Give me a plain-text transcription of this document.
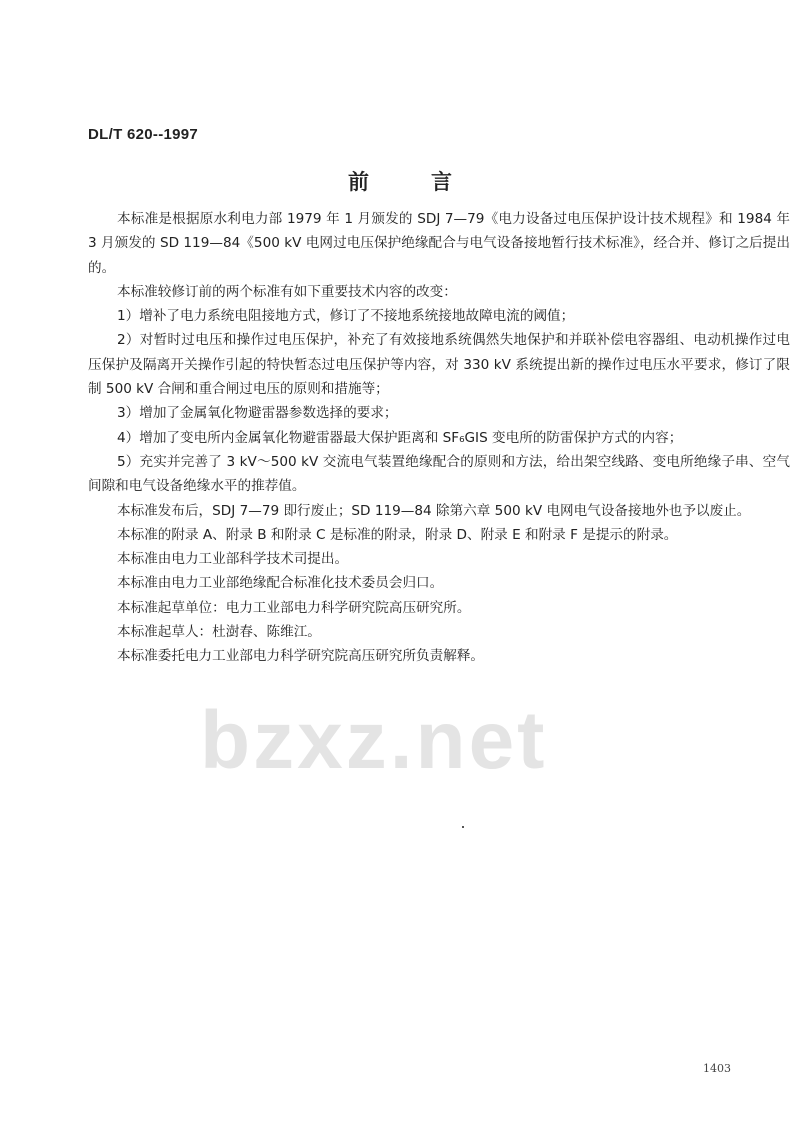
DL/T 620--1997
bzxz.net
前言

本标准是根据原水利电力部 1979 年 1 月颁发的 SDJ 7—79《电力设备过电压保护设计技术规程》和 1984 年 3 月颁发的 SD 119—84《500 kV 电网过电压保护绝缘配合与电气设备接地暂行技术标准》，经合并、修订之后提出的。

本标准较修订前的两个标准有如下重要技术内容的改变：

1）增补了电力系统电阻接地方式，修订了不接地系统接地故障电流的阈值；

2）对暂时过电压和操作过电压保护，补充了有效接地系统偶然失地保护和并联补偿电容器组、电动机操作过电压保护及隔离开关操作引起的特快暂态过电压保护等内容，对 330 kV 系统提出新的操作过电压水平要求，修订了限制 500 kV 合闸和重合闸过电压的原则和措施等；

3）增加了金属氧化物避雷器参数选择的要求；

4）增加了变电所内金属氧化物避雷器最大保护距离和 SF₆GIS 变电所的防雷保护方式的内容；

5）充实并完善了 3 kV～500 kV 交流电气装置绝缘配合的原则和方法，给出架空线路、变电所绝缘子串、空气间隙和电气设备绝缘水平的推荐值。

本标准发布后，SDJ 7—79 即行废止；SD 119—84 除第六章 500 kV 电网电气设备接地外也予以废止。

本标准的附录 A、附录 B 和附录 C 是标准的附录，附录 D、附录 E 和附录 F 是提示的附录。

本标准由电力工业部科学技术司提出。

本标准由电力工业部绝缘配合标准化技术委员会归口。

本标准起草单位：电力工业部电力科学研究院高压研究所。

本标准起草人：杜澍春、陈维江。

本标准委托电力工业部电力科学研究院高压研究所负责解释。

1403
